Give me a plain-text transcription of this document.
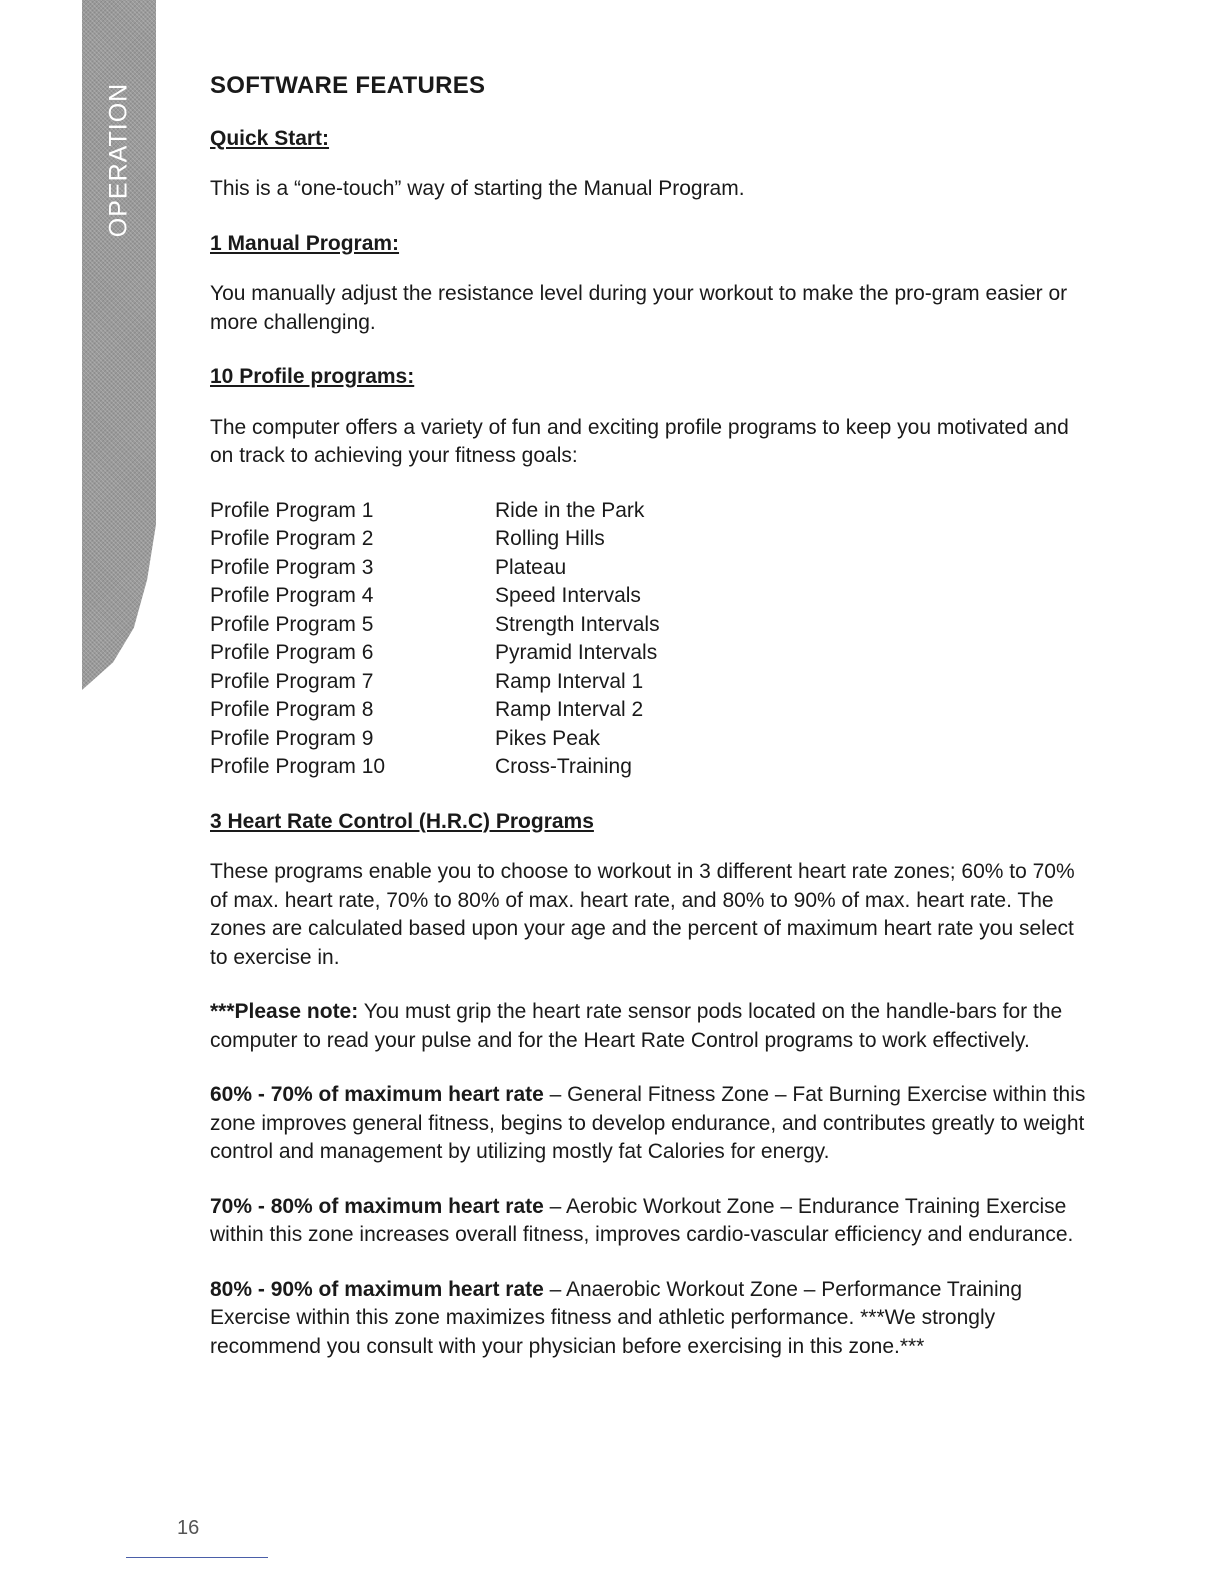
OPERATION	SOFTWARE FEATURES
Quick Start:

This is a “one-touch” way of starting the Manual Program.

1 Manual Program:

You manually adjust the resistance level during your workout to make the pro-gram easier or more challenging.

10 Profile programs:

The computer offers a variety of fun and exciting profile programs to keep you motivated and on track to achieving your fitness goals:

Profile Program 1	Ride in the Park
Profile Program 2	Rolling Hills
Profile Program 3	Plateau
Profile Program 4	Speed Intervals
Profile Program 5	Strength Intervals
Profile Program 6	Pyramid Intervals
Profile Program 7	Ramp Interval 1
Profile Program 8	Ramp Interval 2
Profile Program 9	Pikes Peak
Profile Program 10	Cross-Training
3 Heart Rate Control (H.R.C) Programs

These programs enable you to choose to workout in 3 different heart rate zones; 60% to 70% of max. heart rate, 70% to 80% of max. heart rate, and 80% to 90% of max. heart rate. The zones are calculated based upon your age and the percent of maximum heart rate you select to exercise in.

***Please note: You must grip the heart rate sensor pods located on the handle-bars for the computer to read your pulse and for the Heart Rate Control programs to work effectively.

60% - 70% of maximum heart rate – General Fitness Zone – Fat Burning Exercise within this zone improves general fitness, begins to develop endurance, and contributes greatly to weight control and management by utilizing mostly fat Calories for energy.

70% - 80% of maximum heart rate – Aerobic Workout Zone – Endurance Training Exercise within this zone increases overall fitness, improves cardio-vascular efficiency and endurance.

80% - 90% of maximum heart rate – Anaerobic Workout Zone – Performance Training Exercise within this zone maximizes fitness and athletic performance. ***We strongly recommend you consult with your physician before exercising in this zone.***

16
